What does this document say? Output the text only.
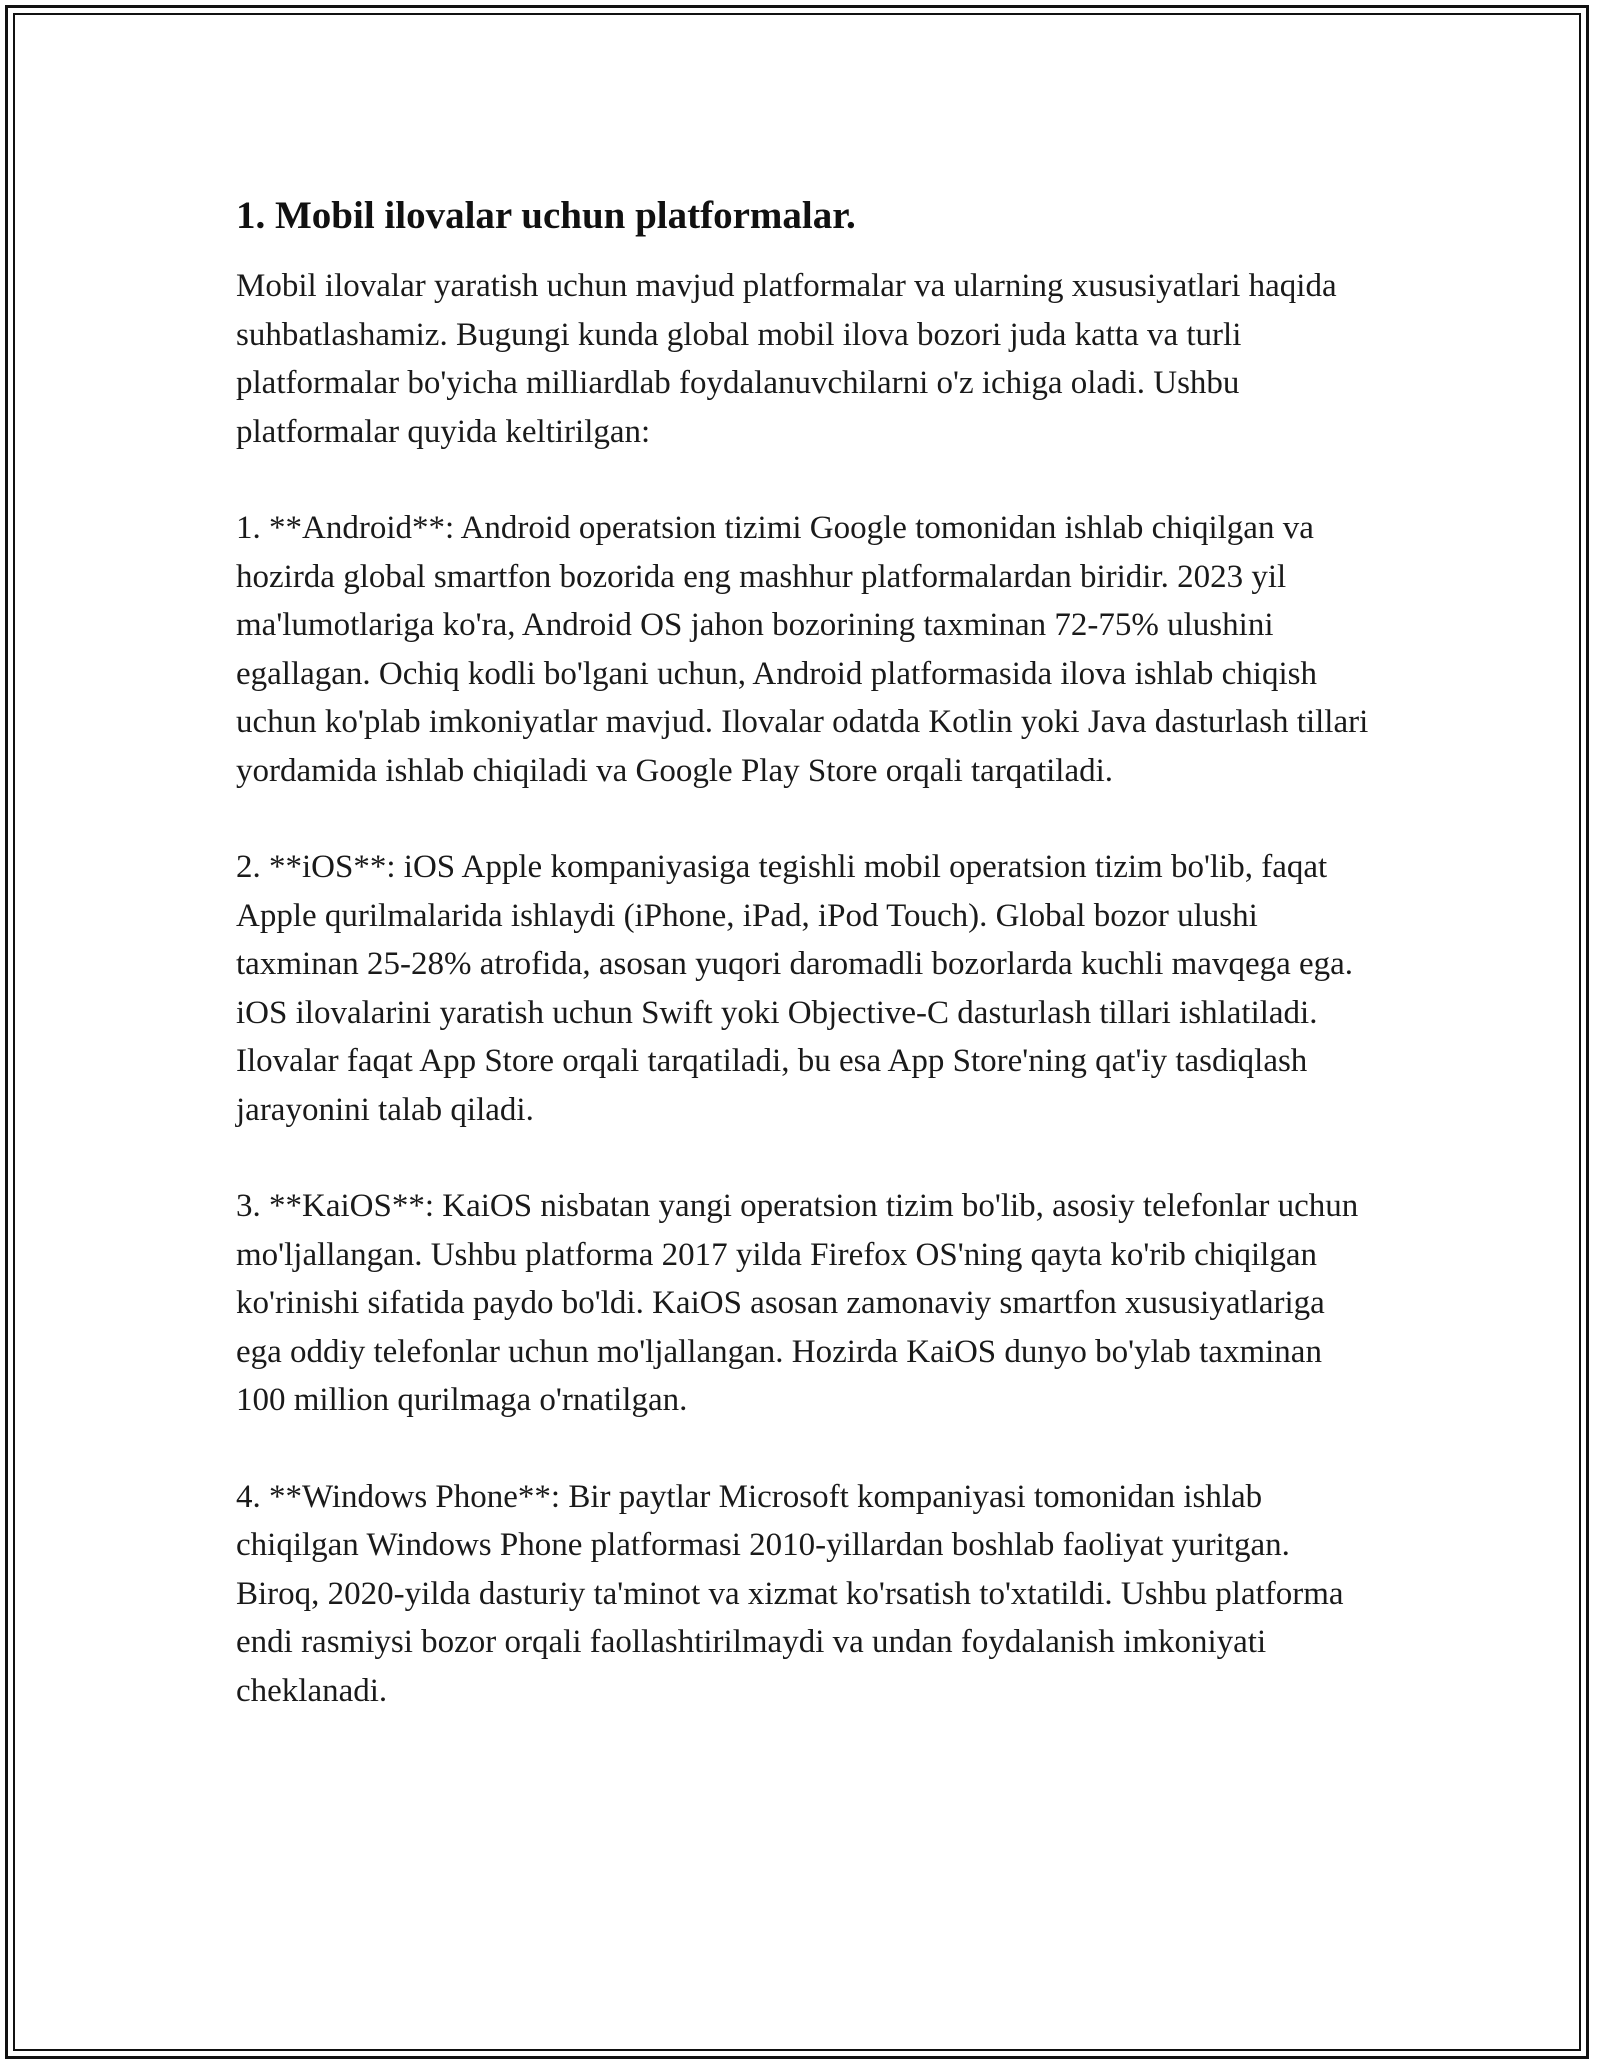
1. Mobil ilovalar uchun platformalar.

Mobil ilovalar yaratish uchun mavjud platformalar va ularning xususiyatlari haqida suhbatlashamiz. Bugungi kunda global mobil ilova bozori juda katta va turli platformalar bo'yicha milliardlab foydalanuvchilarni o'z ichiga oladi. Ushbu platformalar quyida keltirilgan:

1. **Android**: Android operatsion tizimi Google tomonidan ishlab chiqilgan va hozirda global smartfon bozorida eng mashhur platformalardan biridir. 2023 yil ma'lumotlariga ko'ra, Android OS jahon bozorining taxminan 72-75% ulushini egallagan. Ochiq kodli bo'lgani uchun, Android platformasida ilova ishlab chiqish uchun ko'plab imkoniyatlar mavjud. Ilovalar odatda Kotlin yoki Java dasturlash tillari yordamida ishlab chiqiladi va Google Play Store orqali tarqatiladi.

2. **iOS**: iOS Apple kompaniyasiga tegishli mobil operatsion tizim bo'lib, faqat Apple qurilmalarida ishlaydi (iPhone, iPad, iPod Touch). Global bozor ulushi taxminan 25-28% atrofida, asosan yuqori daromadli bozorlarda kuchli mavqega ega. iOS ilovalarini yaratish uchun Swift yoki Objective-C dasturlash tillari ishlatiladi. Ilovalar faqat App Store orqali tarqatiladi, bu esa App Store'ning qat'iy tasdiqlash jarayonini talab qiladi.

3. **KaiOS**: KaiOS nisbatan yangi operatsion tizim bo'lib, asosiy telefonlar uchun mo'ljallangan. Ushbu platforma 2017 yilda Firefox OS'ning qayta ko'rib chiqilgan ko'rinishi sifatida paydo bo'ldi. KaiOS asosan zamonaviy smartfon xususiyatlariga ega oddiy telefonlar uchun mo'ljallangan. Hozirda KaiOS dunyo bo'ylab taxminan 100 million qurilmaga o'rnatilgan.

4. **Windows Phone**: Bir paytlar Microsoft kompaniyasi tomonidan ishlab chiqilgan Windows Phone platformasi 2010-yillardan boshlab faoliyat yuritgan. Biroq, 2020-yilda dasturiy ta'minot va xizmat ko'rsatish to'xtatildi. Ushbu platforma endi rasmiysi bozor orqali faollashtirilmaydi va undan foydalanish imkoniyati cheklanadi.
